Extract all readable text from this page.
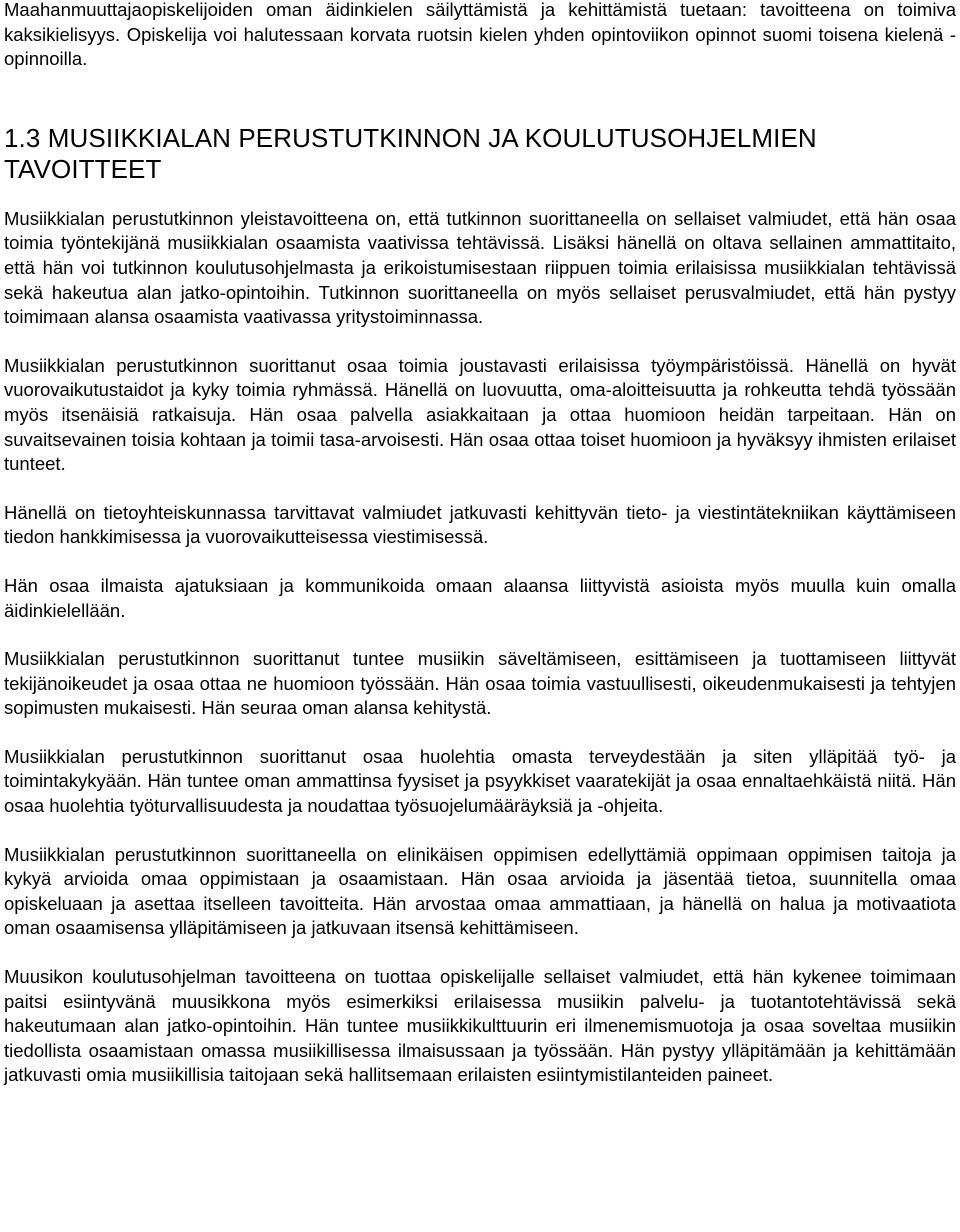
Maahanmuuttajaopiskelijoiden oman äidinkielen säilyttämistä ja kehittämistä tuetaan: tavoitteena on toimiva kaksikielisyys. Opiskelija voi halutessaan korvata ruotsin kielen yhden opintoviikon opinnot suomi toisena kielenä -opinnoilla.

1.3 MUSIIKKIALAN PERUSTUTKINNON JA KOULUTUSOHJELMIEN TAVOITTEET

Musiikkialan perustutkinnon yleistavoitteena on, että tutkinnon suorittaneella on sellaiset valmiudet, että hän osaa toimia työntekijänä musiikkialan osaamista vaativissa tehtävissä. Lisäksi hänellä on oltava sellainen ammattitaito, että hän voi tutkinnon koulutusohjelmasta ja erikoistumisestaan riippuen toimia erilaisissa musiikkialan tehtävissä sekä hakeutua alan jatko-opintoihin. Tutkinnon suorittaneella on myös sellaiset perusvalmiudet, että hän pystyy toimimaan alansa osaamista vaativassa yritystoiminnassa.

Musiikkialan perustutkinnon suorittanut osaa toimia joustavasti erilaisissa työympäristöissä. Hänellä on hyvät vuorovaikutustaidot ja kyky toimia ryhmässä. Hänellä on luovuutta, oma-aloitteisuutta ja rohkeutta tehdä työssään myös itsenäisiä ratkaisuja. Hän osaa palvella asiakkaitaan ja ottaa huomioon heidän tarpeitaan. Hän on suvaitsevainen toisia kohtaan ja toimii tasa-arvoisesti. Hän osaa ottaa toiset huomioon ja hyväksyy ihmisten erilaiset tunteet.

Hänellä on tietoyhteiskunnassa tarvittavat valmiudet jatkuvasti kehittyvän tieto- ja viestintätekniikan käyttämiseen tiedon hankkimisessa ja vuorovaikutteisessa viestimisessä.

Hän osaa ilmaista ajatuksiaan ja kommunikoida omaan alaansa liittyvistä asioista myös muulla kuin omalla äidinkielellään.

Musiikkialan perustutkinnon suorittanut tuntee musiikin säveltämiseen, esittämiseen ja tuottamiseen liittyvät tekijänoikeudet ja osaa ottaa ne huomioon työssään. Hän osaa toimia vastuullisesti, oikeudenmukaisesti ja tehtyjen sopimusten mukaisesti. Hän seuraa oman alansa kehitystä.

Musiikkialan perustutkinnon suorittanut osaa huolehtia omasta terveydestään ja siten ylläpitää työ- ja toimintakykyään. Hän tuntee oman ammattinsa fyysiset ja psyykkiset vaaratekijät ja osaa ennaltaehkäistä niitä. Hän osaa huolehtia työturvallisuudesta ja noudattaa työsuojelumääräyksiä ja -ohjeita.

Musiikkialan perustutkinnon suorittaneella on elinikäisen oppimisen edellyttämiä oppimaan oppimisen taitoja ja kykyä arvioida omaa oppimistaan ja osaamistaan. Hän osaa arvioida ja jäsentää tietoa, suunnitella omaa opiskeluaan ja asettaa itselleen tavoitteita. Hän arvostaa omaa ammattiaan, ja hänellä on halua ja motivaatiota oman osaamisensa ylläpitämiseen ja jatkuvaan itsensä kehittämiseen.

Muusikon koulutusohjelman tavoitteena on tuottaa opiskelijalle sellaiset valmiudet, että hän kykenee toimimaan paitsi esiintyvänä muusikkona myös esimerkiksi erilaisessa musiikin palvelu- ja tuotantotehtävissä sekä hakeutumaan alan jatko-opintoihin. Hän tuntee musiikkikulttuurin eri ilmenemismuotoja ja osaa soveltaa musiikin tiedollista osaamistaan omassa musiikillisessa ilmaisussaan ja työssään. Hän pystyy ylläpitämään ja kehittämään jatkuvasti omia musiikillisia taitojaan sekä hallitsemaan erilaisten esiintymistilanteiden paineet.
